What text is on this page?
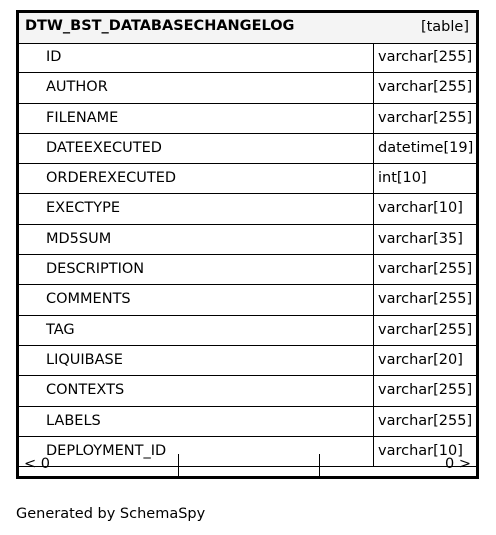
DTW_BST_DATABASECHANGELOG	[table]
ID	varchar[255]
AUTHOR	varchar[255]
FILENAME	varchar[255]
DATEEXECUTED	datetime[19]
ORDEREXECUTED	int[10]
EXECTYPE	varchar[10]
MD5SUM	varchar[35]
DESCRIPTION	varchar[255]
COMMENTS	varchar[255]
TAG	varchar[255]
LIQUIBASE	varchar[20]
CONTEXTS	varchar[255]
LABELS	varchar[255]
DEPLOYMENT_ID	varchar[10]
< 0	0 >
Generated by SchemaSpy
